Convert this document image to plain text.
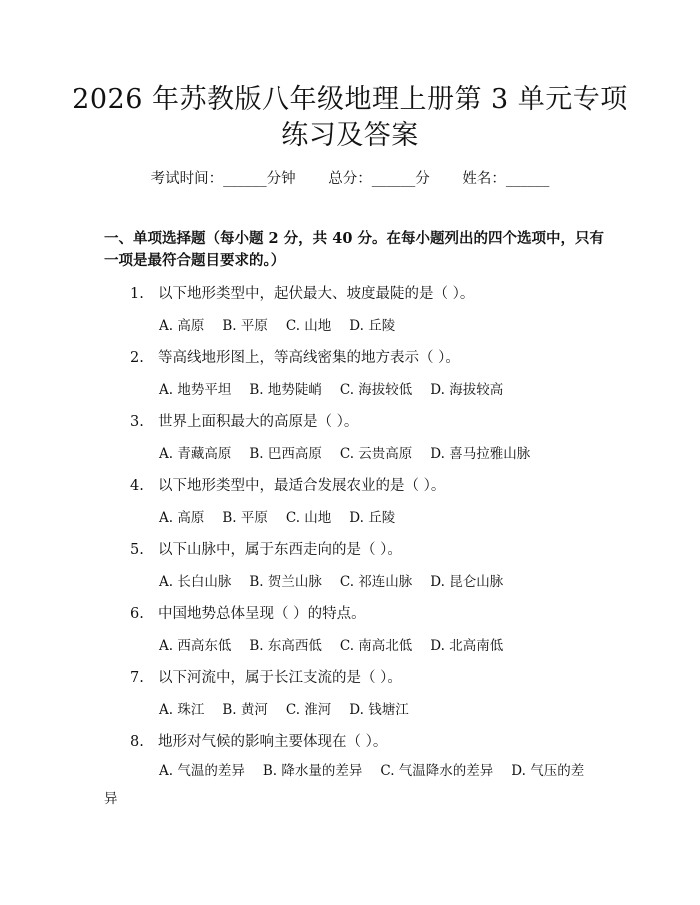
2026 年苏教版八年级地理上册第 3 单元专项
练习及答案
考试时间：______分钟 总分：______分 姓名：______
一、单项选择题（每小题 2 分，共 40 分。在每小题列出的四个选项中，只有一项是最符合题目要求的。）
1. 以下地形类型中，起伏最大、坡度最陡的是（ ）。
A. 高原 B. 平原 C. 山地 D. 丘陵
2. 等高线地形图上，等高线密集的地方表示（ ）。
A. 地势平坦 B. 地势陡峭 C. 海拔较低 D. 海拔较高
3. 世界上面积最大的高原是（ ）。
A. 青藏高原 B. 巴西高原 C. 云贵高原 D. 喜马拉雅山脉
4. 以下地形类型中，最适合发展农业的是（ ）。
A. 高原 B. 平原 C. 山地 D. 丘陵
5. 以下山脉中，属于东西走向的是（ ）。
A. 长白山脉 B. 贺兰山脉 C. 祁连山脉 D. 昆仑山脉
6. 中国地势总体呈现（ ）的特点。
A. 西高东低 B. 东高西低 C. 南高北低 D. 北高南低
7. 以下河流中，属于长江支流的是（ ）。
A. 珠江 B. 黄河 C. 淮河 D. 钱塘江
8. 地形对气候的影响主要体现在（ ）。
A. 气温的差异 B. 降水量的差异 C. 气温降水的差异 D. 气压的差异
